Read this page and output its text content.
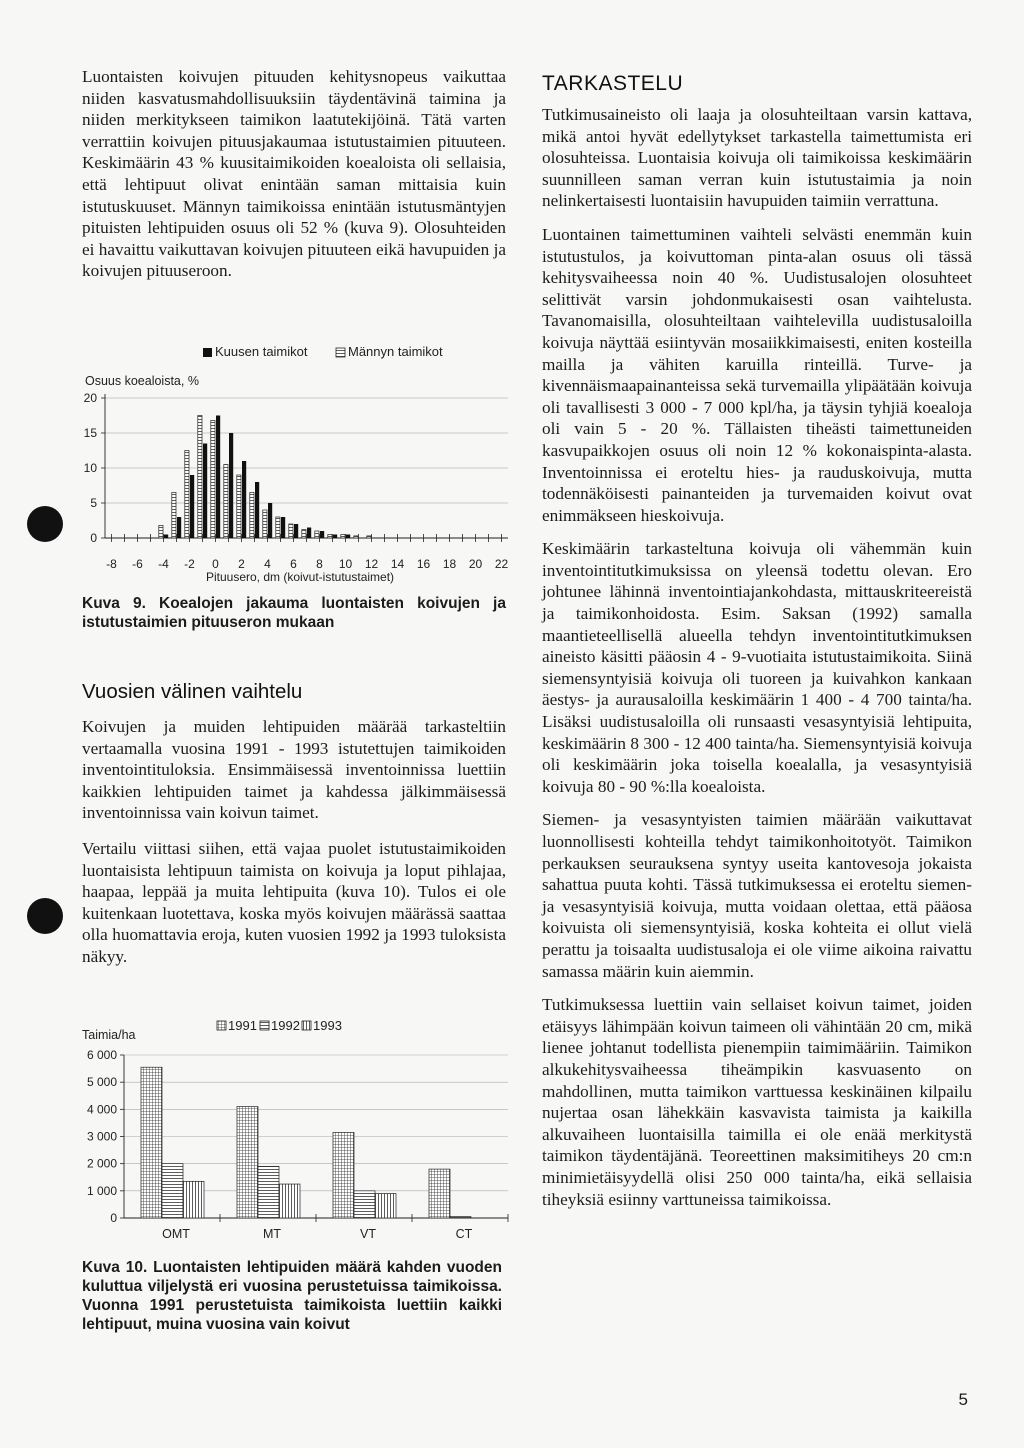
Luontaisten koivujen pituuden kehitysnopeus vaikuttaa niiden kasvatusmahdollisuuksiin täydentävinä taimina ja niiden merkitykseen taimikon laatutekijöinä. Tätä varten verrattiin koivujen pituusjakaumaa istutustaimien pituuteen. Keskimäärin 43 % kuusitaimikoiden koealoista oli sellaisia, että lehtipuut olivat enintään saman mittaisia kuin istutuskuuset. Männyn taimikoissa enintään istutusmäntyjen pituisten lehtipuiden osuus oli 52 % (kuva 9). Olosuhteiden ei havaittu vaikuttavan koivujen pituuteen eikä havupuiden ja koivujen pituuseroon.

Kuusen taimikot	Männyn taimikot
Osuus koealoista, %
0
5
10
15
20
-8 -6 -4 -2 0 2 4 6 8 10 12 14 16 18 20 22
Pituusero, dm (koivut-istutustaimet)
Kuva 9. Koealojen jakauma luontaisten koivujen ja istutustaimien pituuseron mukaan
Vuosien välinen vaihtelu

Koivujen ja muiden lehtipuiden määrää tarkasteltiin vertaamalla vuosina 1991 - 1993 istutettujen taimikoiden inventointituloksia. Ensimmäisessä inventoinnissa luettiin kaikkien lehtipuiden taimet ja kahdessa jälkimmäisessä inventoinnissa vain koivun taimet.

Vertailu viittasi siihen, että vajaa puolet istutustaimikoiden luontaisista lehtipuun taimista on koivuja ja loput pihlajaa, haapaa, leppää ja muita lehtipuita (kuva 10). Tulos ei ole kuitenkaan luotettava, koska myös koivujen määrässä saattaa olla huomattavia eroja, kuten vuosien 1992 ja 1993 tuloksista näkyy.

1991 1992 1993
Taimia/ha
0
1 000
2 000
3 000
4 000
5 000
6 000
OMT	MT	VT	CT
Kuva 10. Luontaisten lehtipuiden määrä kahden vuoden kuluttua viljelystä eri vuosina perustetuissa taimikoissa. Vuonna 1991 perustetuista taimikoista luettiin kaikki lehtipuut, muina vuosina vain koivut
TARKASTELU

Tutkimusaineisto oli laaja ja olosuhteiltaan varsin kattava, mikä antoi hyvät edellytykset tarkastella taimettumista eri olosuhteissa. Luontaisia koivuja oli taimikoissa keskimäärin suunnilleen saman verran kuin istutustaimia ja noin nelinkertaisesti luontaisiin havupuiden taimiin verrattuna.

Luontainen taimettuminen vaihteli selvästi enemmän kuin istutustulos, ja koivuttoman pinta-alan osuus oli tässä kehitysvaiheessa noin 40 %. Uudistusalojen olosuhteet selittivät varsin johdonmukaisesti osan vaihtelusta. Tavanomaisilla, olosuhteiltaan vaihtelevilla uudistusaloilla koivuja näyttää esiintyvän mosaiikkimaisesti, eniten kosteilla mailla ja vähiten karuilla rinteillä. Turve- ja kivennäismaapainanteissa sekä turvemailla ylipäätään koivuja oli tavallisesti 3 000 - 7 000 kpl/ha, ja täysin tyhjiä koealoja oli vain 5 - 20 %. Tällaisten tiheästi taimettuneiden kasvupaikkojen osuus oli noin 12 % kokonaispinta-alasta. Inventoinnissa ei eroteltu hies- ja rauduskoivuja, mutta todennäköisesti painanteiden ja turvemaiden koivut ovat enimmäkseen hieskoivuja.

Keskimäärin tarkasteltuna koivuja oli vähemmän kuin inventointitutkimuksissa on yleensä todettu olevan. Ero johtunee lähinnä inventointiajankohdasta, mittauskriteereistä ja taimikonhoidosta. Esim. Saksan (1992) samalla maantieteellisellä alueella tehdyn inventointitutkimuksen aineisto käsitti pääosin 4 - 9-vuotiaita istutustaimikoita. Siinä siemensyntyisiä koivuja oli tuoreen ja kuivahkon kankaan äestys- ja aurausaloilla keskimäärin 1 400 - 4 700 tainta/ha. Lisäksi uudistusaloilla oli runsaasti vesasyntyisiä lehtipuita, keskimäärin 8 300 - 12 400 tainta/ha. Siemensyntyisiä koivuja oli keskimäärin joka toisella koealalla, ja vesasyntyisiä koivuja 80 - 90 %:lla koealoista.

Siemen- ja vesasyntyisten taimien määrään vaikuttavat luonnollisesti kohteilla tehdyt taimikonhoitotyöt. Taimikon perkauksen seurauksena syntyy useita kantovesoja jokaista sahattua puuta kohti. Tässä tutkimuksessa ei eroteltu siemen- ja vesasyntyisiä koivuja, mutta voidaan olettaa, että pääosa koivuista oli siemensyntyisiä, koska kohteita ei ollut vielä perattu ja toisaalta uudistusaloja ei ole viime aikoina raivattu samassa määrin kuin aiemmin.

Tutkimuksessa luettiin vain sellaiset koivun taimet, joiden etäisyys lähimpään koivun taimeen oli vähintään 20 cm, mikä lienee johtanut todellista pienempiin taimimääriin. Taimikon alkukehitysvaiheessa tiheämpikin kasvuasento on mahdollinen, mutta taimikon varttuessa keskinäinen kilpailu nujertaa osan lähekkäin kasvavista taimista ja kaikilla alkuvaiheen luontaisilla taimilla ei ole enää merkitystä taimikon täydentäjänä. Teoreettinen maksimitiheys 20 cm:n minimietäisyydellä olisi 250 000 tainta/ha, eikä sellaisia tiheyksiä esiinny varttuneissa taimikoissa.

5
